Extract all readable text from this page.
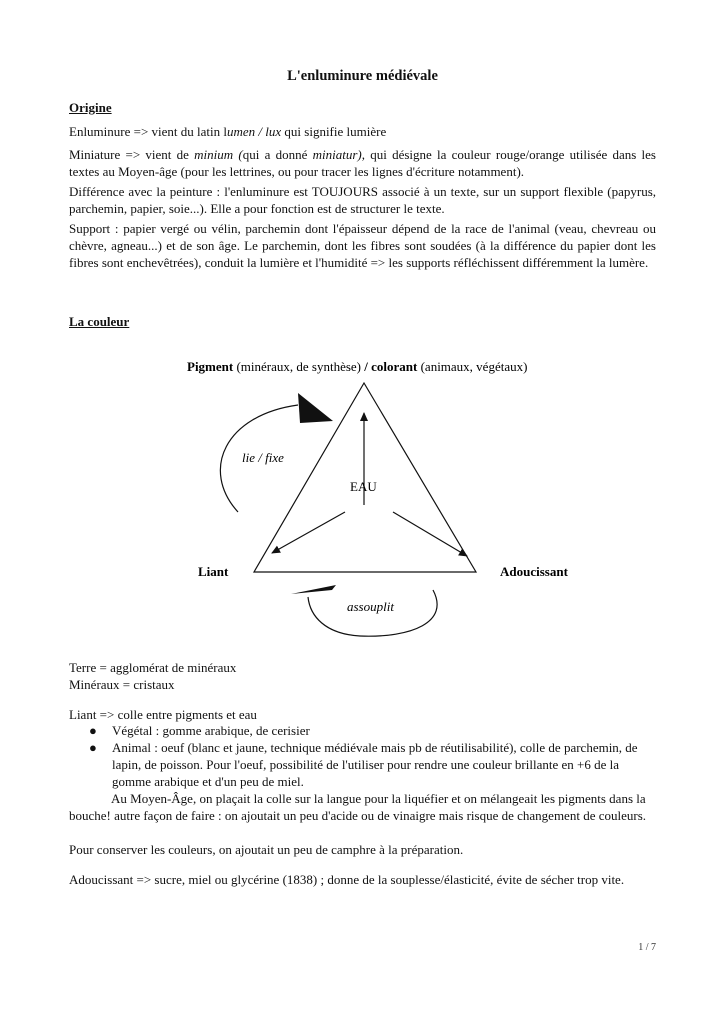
L'enluminure médiévale
Origine
Enluminure => vient du latin lumen / lux qui signifie lumière
Miniature => vient de minium (qui a donné miniatur), qui désigne la couleur rouge/orange utilisée dans les textes au Moyen-âge (pour les lettrines, ou pour tracer les lignes d'écriture notamment).
Différence avec la peinture : l'enluminure est TOUJOURS associé à un texte, sur un support flexible (papyrus, parchemin, papier, soie...). Elle a pour fonction est de structurer le texte.
Support : papier vergé ou vélin, parchemin dont l'épaisseur dépend de la race de l'animal (veau, chevreau ou chèvre, agneau...) et de son âge. Le parchemin, dont les fibres sont soudées (à la différence du papier dont les fibres sont enchevêtrées), conduit la lumière et l'humidité => les supports réfléchissent différemment la lumère.
La couleur
Pigment (minéraux, de synthèse) / colorant (animaux, végétaux)
EAU
Liant	Adoucissant
lie / fixe
assouplit
Terre = agglomérat de minéraux
Minéraux = cristaux
Liant => colle entre pigments et eau
● Végétal : gomme arabique, de cerisier
● Animal : oeuf (blanc et jaune, technique médiévale mais pb de réutilisabilité), colle de parchemin, de lapin, de poisson. Pour l'oeuf, possibilité de l'utiliser pour rendre une couleur brillante en +6 de la gomme arabique et d'un peu de miel.
Au Moyen-Âge, on plaçait la colle sur la langue pour la liquéfier et on mélangeait les pigments dans la bouche! autre façon de faire : on ajoutait un peu d'acide ou de vinaigre mais risque de changement de couleurs.
Pour conserver les couleurs, on ajoutait un peu de camphre à la préparation.
Adoucissant => sucre, miel ou glycérine (1838) ; donne de la souplesse/élasticité, évite de sécher trop vite.
1 / 7
